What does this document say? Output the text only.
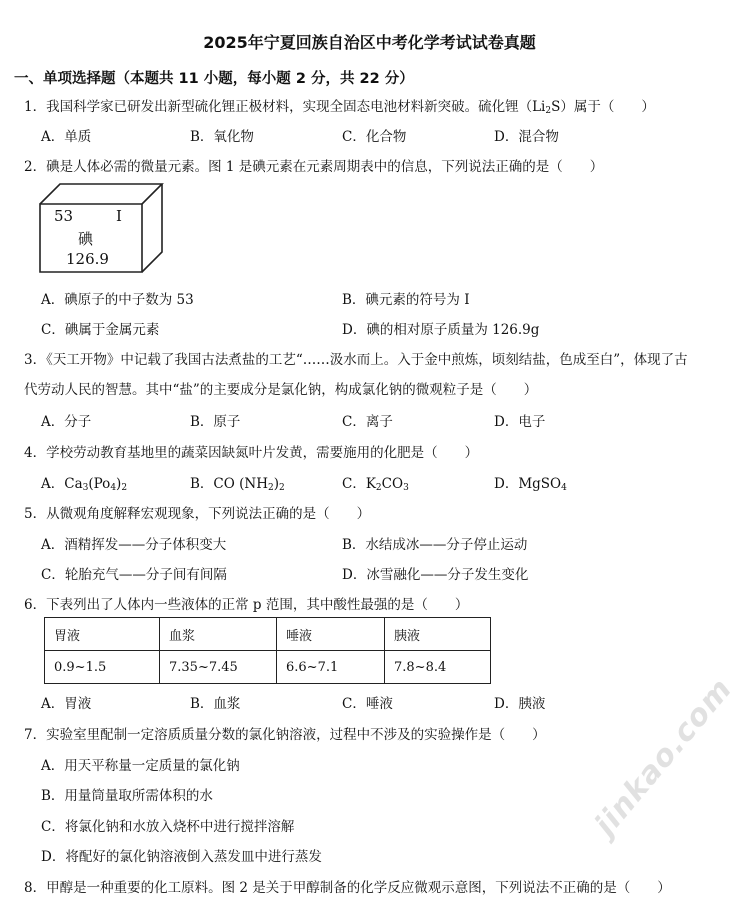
2025年宁夏回族自治区中考化学考试试卷真题
一、单项选择题（本题共 11 小题，每小题 2 分，共 22 分）
1．我国科学家已研发出新型硫化锂正极材料，实现全固态电池材料新突破。硫化锂$(Li_2S)$属于（　　）
A．单质	B．氧化物	C．化合物	D．混合物
2．碘是人体必需的微量元素。图 1 是碘元素在元素周期表中的信息，下列说法正确的是（　　）
53	I
碘
126.9
A．碘原子的中子数为 53	B．碘元素的符号为 I
C．碘属于金属元素	D．碘的相对原子质量为 126.9g
3．《天工开物》中记载了我国古法煮盐的工艺“……汲水而上。入于金中煎炼，顷刻结盐，色成至白”，体现了古
代劳动人民的智慧。其中“盐”的主要成分是氯化钠，构成氯化钠的微观粒子是（　　）
A．分子	B．原子	C．离子	D．电子
4．学校劳动教育基地里的蔬菜因缺氮叶片发黄，需要施用的化肥是（　　）
A．$Ca_3(Po_4)_2$	B．CO $(NH_2)_2$	C．$K_2CO_3$	D．MgSO$_4$
5．从微观角度解释宏观现象，下列说法正确的是（　　）
A．酒精挥发——分子体积变大	B．水结成冰——分子停止运动
C．轮胎充气——分子间有间隔	D．冰雪融化——分子发生变化
6．下表列出了人体内一些液体的正常 p 范围，其中酸性最强的是（　　）
胃液	血浆	唾液	胰液
0.9~1.5	7.35~7.45	6.6~7.1	7.8~8.4
A．胃液	B．血浆	C．唾液	D．胰液
7．实验室里配制一定溶质质量分数的氯化钠溶液，过程中不涉及的实验操作是（　　）
A．用天平称量一定质量的氯化钠
B．用量筒量取所需体积的水
C．将氯化钠和水放入烧杯中进行搅拌溶解
D．将配好的氯化钠溶液倒入蒸发皿中进行蒸发
8．甲醇是一种重要的化工原料。图 2 是关于甲醇制备的化学反应微观示意图，下列说法不正确的是（　　）
jinkao.com
